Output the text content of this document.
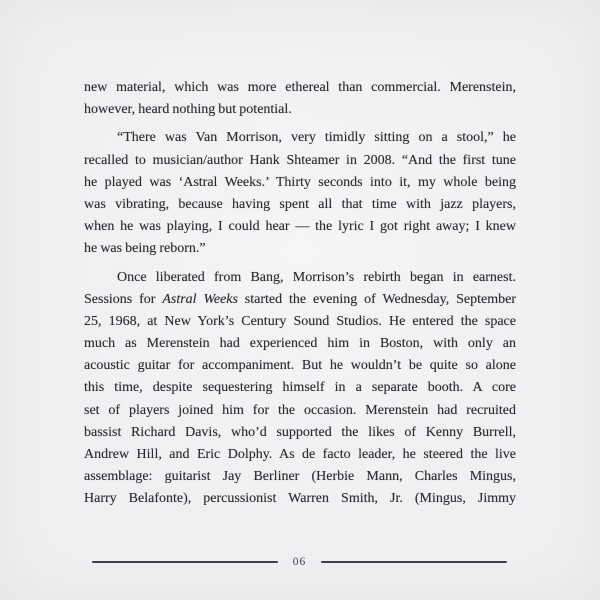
new material, which was more ethereal than commercial. Merenstein,
however, heard nothing but potential.
“There was Van Morrison, very timidly sitting on a stool,” he
recalled to musician/author Hank Shteamer in 2008. “And the first tune
he played was ‘Astral Weeks.’ Thirty seconds into it, my whole being
was vibrating, because having spent all that time with jazz players,
when he was playing, I could hear — the lyric I got right away; I knew
he was being reborn.”
Once liberated from Bang, Morrison’s rebirth began in earnest.
Sessions for Astral Weeks started the evening of Wednesday, September
25, 1968, at New York’s Century Sound Studios. He entered the space
much as Merenstein had experienced him in Boston, with only an
acoustic guitar for accompaniment. But he wouldn’t be quite so alone
this time, despite sequestering himself in a separate booth. A core
set of players joined him for the occasion. Merenstein had recruited
bassist Richard Davis, who’d supported the likes of Kenny Burrell,
Andrew Hill, and Eric Dolphy. As de facto leader, he steered the live
assemblage: guitarist Jay Berliner (Herbie Mann, Charles Mingus,
Harry Belafonte), percussionist Warren Smith, Jr. (Mingus, Jimmy
06
